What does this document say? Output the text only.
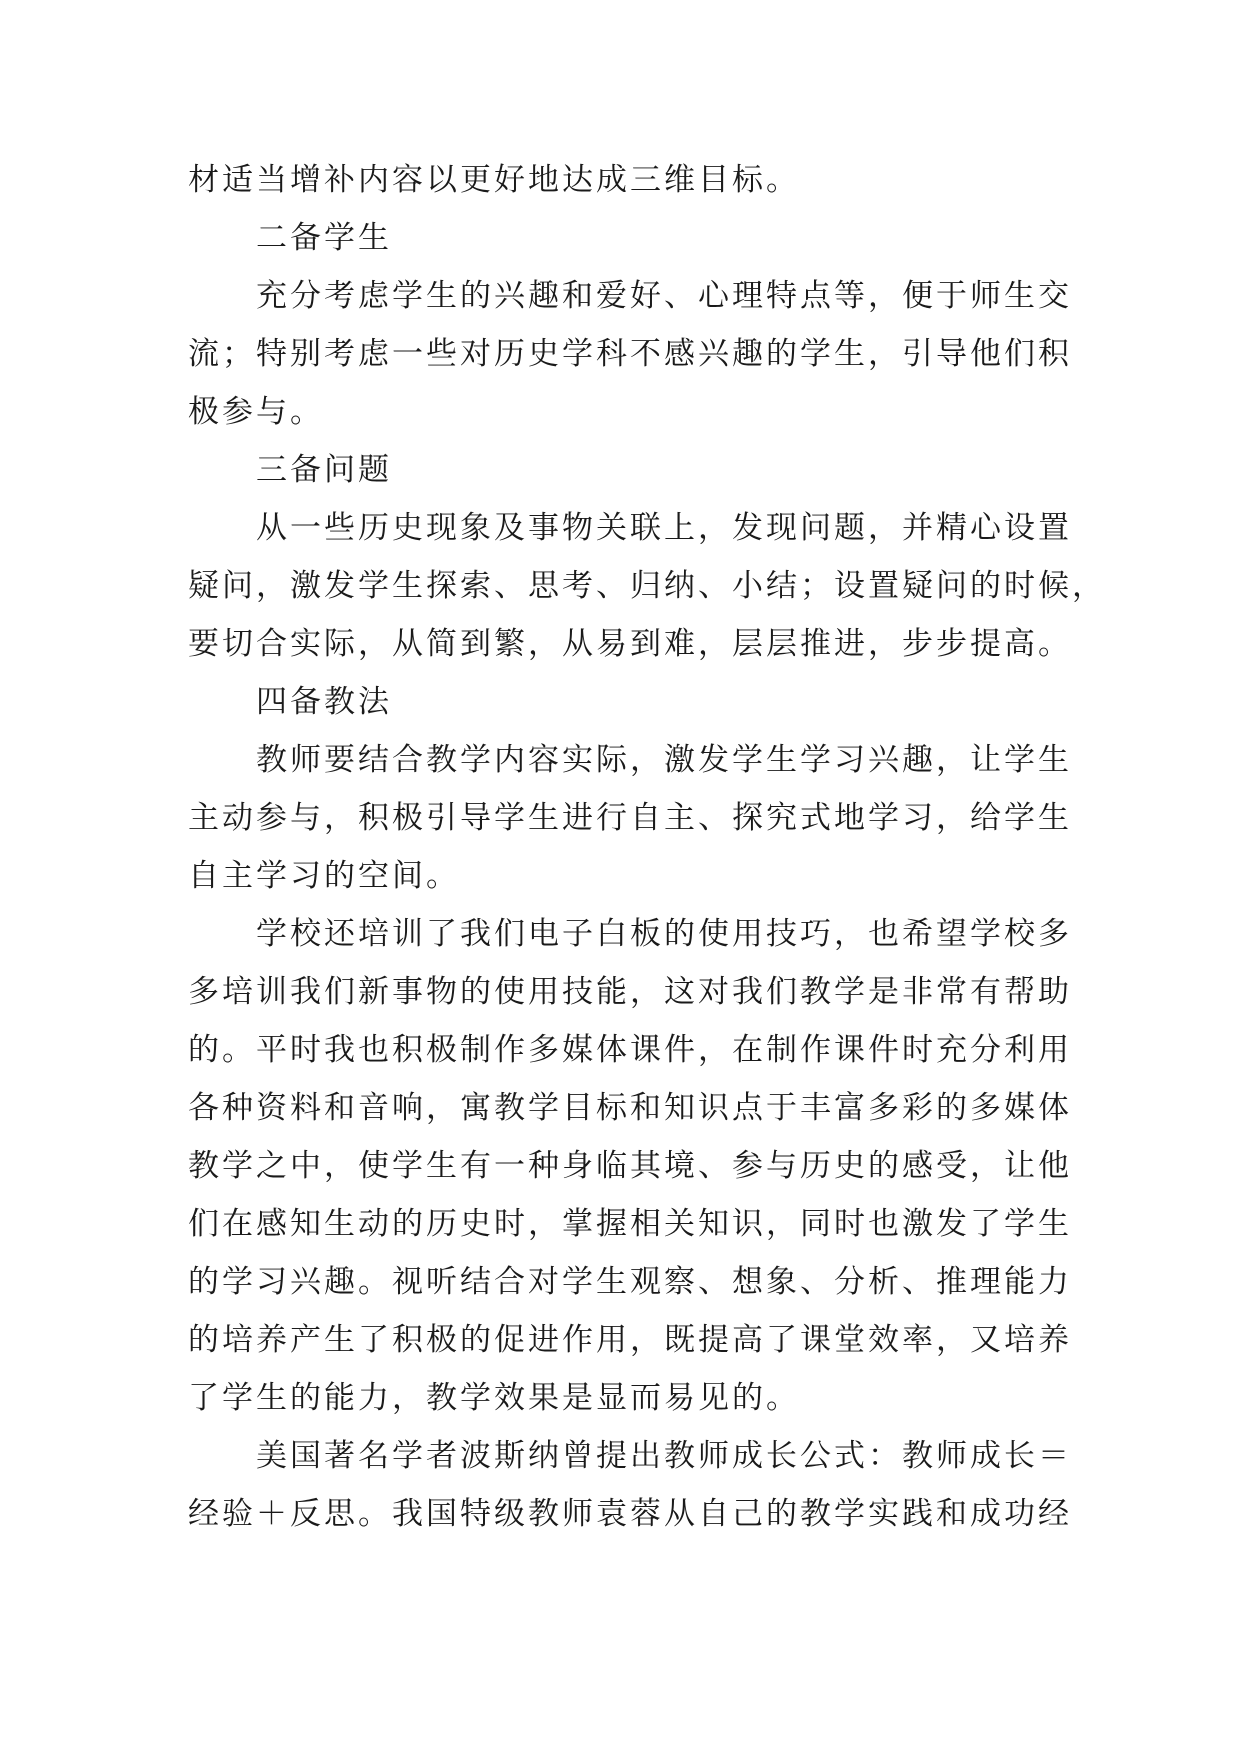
材适当增补内容以更好地达成三维目标。
二备学生
充分考虑学生的兴趣和爱好、心理特点等，便于师生交
流；特别考虑一些对历史学科不感兴趣的学生，引导他们积
极参与。
三备问题
从一些历史现象及事物关联上，发现问题，并精心设置
疑问，激发学生探索、思考、归纳、小结；设置疑问的时候，
要切合实际，从简到繁，从易到难，层层推进，步步提高。
四备教法
教师要结合教学内容实际，激发学生学习兴趣，让学生
主动参与，积极引导学生进行自主、探究式地学习，给学生
自主学习的空间。
学校还培训了我们电子白板的使用技巧，也希望学校多
多培训我们新事物的使用技能，这对我们教学是非常有帮助
的。平时我也积极制作多媒体课件，在制作课件时充分利用
各种资料和音响，寓教学目标和知识点于丰富多彩的多媒体
教学之中，使学生有一种身临其境、参与历史的感受，让他
们在感知生动的历史时，掌握相关知识，同时也激发了学生
的学习兴趣。视听结合对学生观察、想象、分析、推理能力
的培养产生了积极的促进作用，既提高了课堂效率，又培养
了学生的能力，教学效果是显而易见的。
美国著名学者波斯纳曾提出教师成长公式：教师成长＝
经验＋反思。我国特级教师袁蓉从自己的教学实践和成功经
